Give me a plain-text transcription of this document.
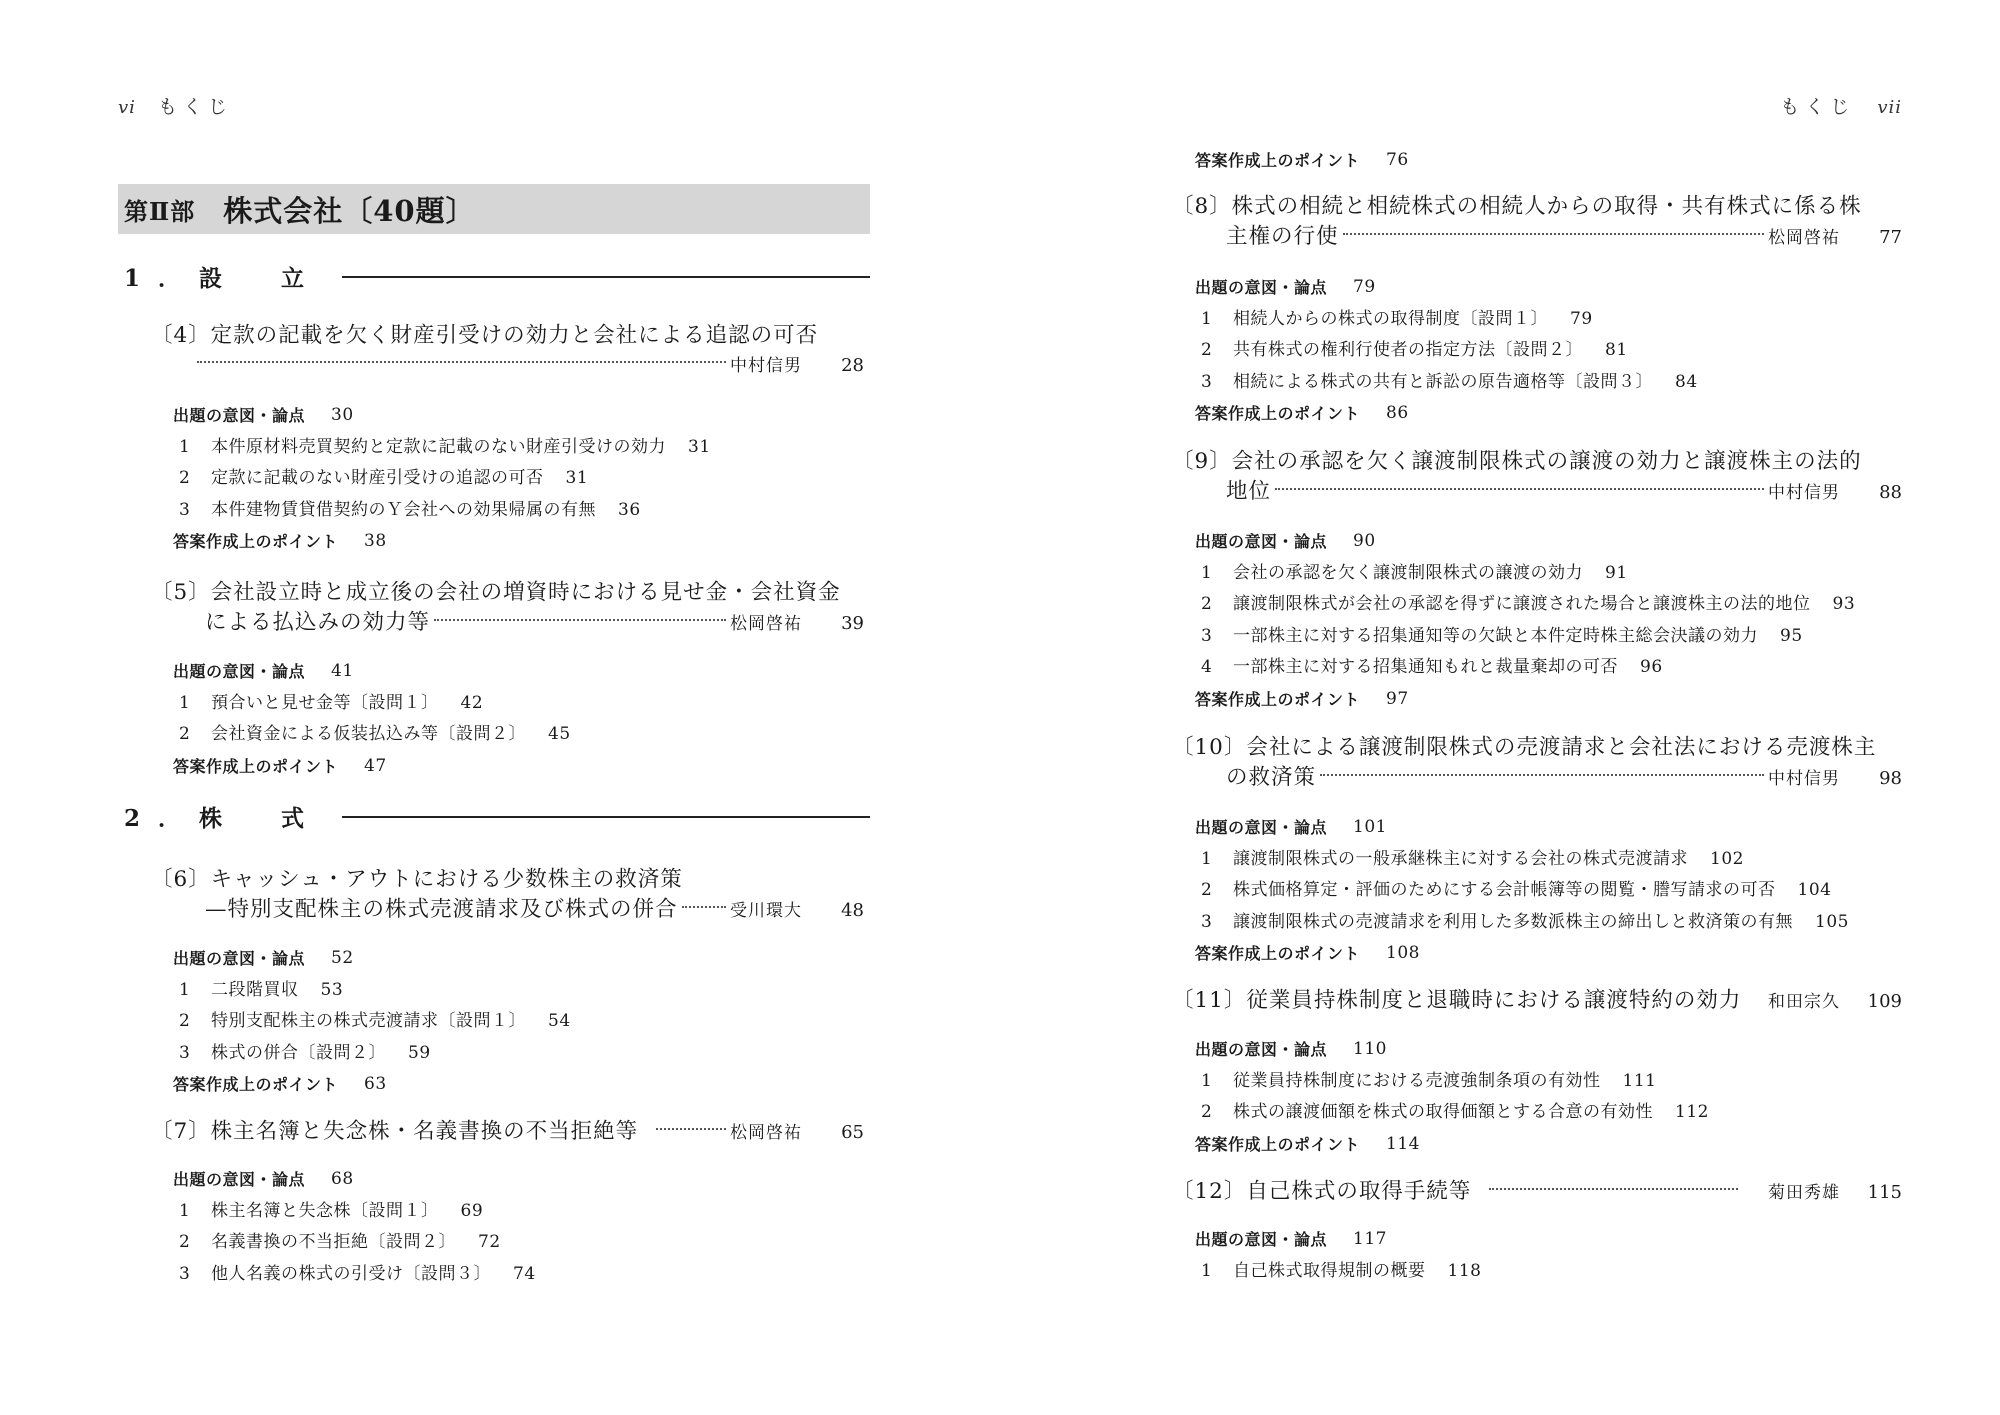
vi もくじ
第Ⅱ部 株式会社〔40題〕
1．設　立
〔4〕定款の記載を欠く財産引受けの効力と会社による追認の可否
中村信男	28
出題の意図・論点 30
1	本件原材料売買契約と定款に記載のない財産引受けの効力 31
2	定款に記載のない財産引受けの追認の可否 31
3	本件建物賃貸借契約のＹ会社への効果帰属の有無 36
答案作成上のポイント 38
〔5〕会社設立時と成立後の会社の増資時における見せ金・会社資金
による払込みの効力等	松岡啓祐	39
出題の意図・論点 41
1	預合いと見せ金等〔設問１〕 42
2	会社資金による仮装払込み等〔設問２〕 45
答案作成上のポイント 47
2．株　式
〔6〕キャッシュ・アウトにおける少数株主の救済策
—特別支配株主の株式売渡請求及び株式の併合	受川環大	48
出題の意図・論点 52
1	二段階買収 53
2	特別支配株主の株式売渡請求〔設問１〕 54
3	株式の併合〔設問２〕 59
答案作成上のポイント 63
〔7〕株主名簿と失念株・名義書換の不当拒絶等	松岡啓祐	65
出題の意図・論点 68
1	株主名簿と失念株〔設問１〕 69
2	名義書換の不当拒絶〔設問２〕 72
3	他人名義の株式の引受け〔設問３〕 74
もくじ vii
答案作成上のポイント 76
〔8〕株式の相続と相続株式の相続人からの取得・共有株式に係る株
主権の行使	松岡啓祐	77
出題の意図・論点 79
1	相続人からの株式の取得制度〔設問１〕 79
2	共有株式の権利行使者の指定方法〔設問２〕 81
3	相続による株式の共有と訴訟の原告適格等〔設問３〕 84
答案作成上のポイント 86
〔9〕会社の承認を欠く譲渡制限株式の譲渡の効力と譲渡株主の法的
地位	中村信男	88
出題の意図・論点 90
1	会社の承認を欠く譲渡制限株式の譲渡の効力 91
2	譲渡制限株式が会社の承認を得ずに譲渡された場合と譲渡株主の法的地位 93
3	一部株主に対する招集通知等の欠缺と本件定時株主総会決議の効力 95
4	一部株主に対する招集通知もれと裁量棄却の可否 96
答案作成上のポイント 97
〔10〕会社による譲渡制限株式の売渡請求と会社法における売渡株主
の救済策	中村信男	98
出題の意図・論点 101
1	譲渡制限株式の一般承継株主に対する会社の株式売渡請求 102
2	株式価格算定・評価のためにする会計帳簿等の閲覧・謄写請求の可否 104
3	譲渡制限株式の売渡請求を利用した多数派株主の締出しと救済策の有無 105
答案作成上のポイント 108
〔11〕従業員持株制度と退職時における譲渡特約の効力 和田宗久	109
出題の意図・論点 110
1	従業員持株制度における売渡強制条項の有効性 111
2	株式の譲渡価額を株式の取得価額とする合意の有効性 112
答案作成上のポイント 114
〔12〕自己株式の取得手続等	菊田秀雄	115
出題の意図・論点 117
1	自己株式取得規制の概要 118
